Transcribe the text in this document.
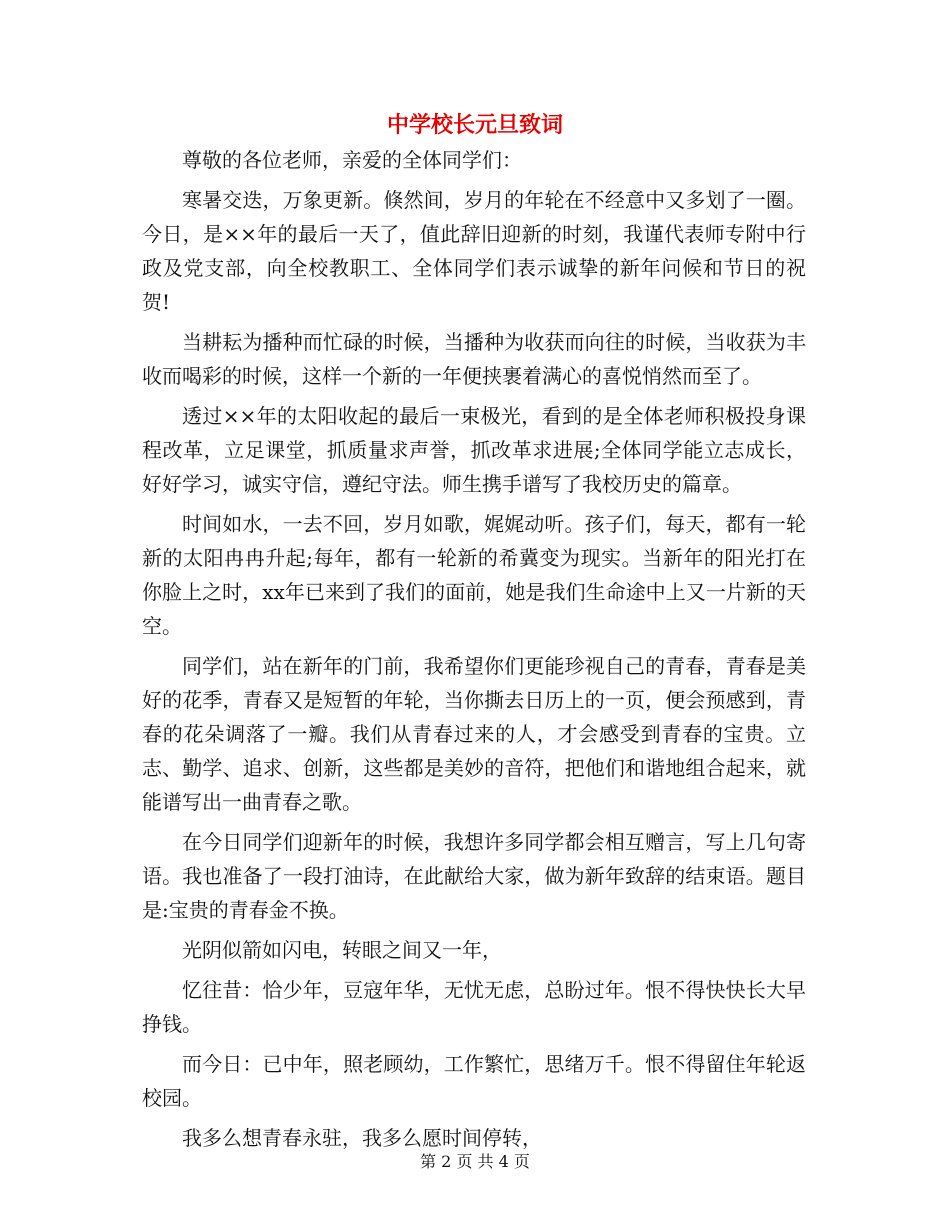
中学校长元旦致词

尊敬的各位老师，亲爱的全体同学们：

寒暑交迭，万象更新。倏然间，岁月的年轮在不经意中又多划了一圈。今日，是××年的最后一天了，值此辞旧迎新的时刻，我谨代表师专附中行政及党支部，向全校教职工、全体同学们表示诚挚的新年问候和节日的祝贺!

当耕耘为播种而忙碌的时候，当播种为收获而向往的时候，当收获为丰收而喝彩的时候，这样一个新的一年便挟裹着满心的喜悦悄然而至了。

透过××年的太阳收起的最后一束极光，看到的是全体老师积极投身课程改革，立足课堂，抓质量求声誉，抓改革求进展;全体同学能立志成长，好好学习，诚实守信，遵纪守法。师生携手谱写了我校历史的篇章。

时间如水，一去不回，岁月如歌，娓娓动听。孩子们，每天，都有一轮新的太阳冉冉升起;每年，都有一轮新的希冀变为现实。当新年的阳光打在你脸上之时，xx年已来到了我们的面前，她是我们生命途中上又一片新的天空。

同学们，站在新年的门前，我希望你们更能珍视自己的青春，青春是美好的花季，青春又是短暂的年轮，当你撕去日历上的一页，便会预感到，青春的花朵调落了一瓣。我们从青春过来的人，才会感受到青春的宝贵。立志、勤学、追求、创新，这些都是美妙的音符，把他们和谐地组合起来，就能谱写出一曲青春之歌。

在今日同学们迎新年的时候，我想许多同学都会相互赠言，写上几句寄语。我也准备了一段打油诗，在此献给大家，做为新年致辞的结束语。题目是:宝贵的青春金不换。

光阴似箭如闪电，转眼之间又一年，

忆往昔：恰少年，豆寇年华，无忧无虑，总盼过年。恨不得快快长大早挣钱。

而今日：已中年，照老顾幼，工作繁忙，思绪万千。恨不得留住年轮返校园。

我多么想青春永驻，我多么愿时间停转，

第 2 页 共 4 页
